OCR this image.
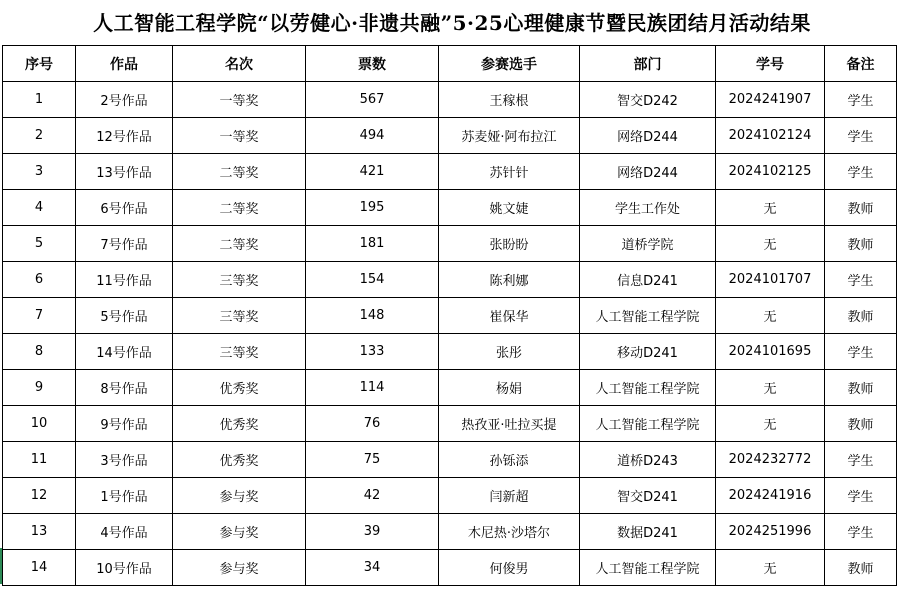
人工智能工程学院“以劳健心·非遗共融”5·25心理健康节暨民族团结月活动结果
序号	作品	名次	票数	参赛选手	部门	学号	备注
1	2号作品	一等奖	567	王稼根	智交D242	2024241907	学生
2	12号作品	一等奖	494	苏麦娅·阿布拉江	网络D244	2024102124	学生
3	13号作品	二等奖	421	苏针针	网络D244	2024102125	学生
4	6号作品	二等奖	195	姚文婕	学生工作处	无	教师
5	7号作品	二等奖	181	张盼盼	道桥学院	无	教师
6	11号作品	三等奖	154	陈利娜	信息D241	2024101707	学生
7	5号作品	三等奖	148	崔保华	人工智能工程学院	无	教师
8	14号作品	三等奖	133	张彤	移动D241	2024101695	学生
9	8号作品	优秀奖	114	杨娟	人工智能工程学院	无	教师
10	9号作品	优秀奖	76	热孜亚·吐拉买提	人工智能工程学院	无	教师
11	3号作品	优秀奖	75	孙铄添	道桥D243	2024232772	学生
12	1号作品	参与奖	42	闫新超	智交D241	2024241916	学生
13	4号作品	参与奖	39	木尼热·沙塔尔	数据D241	2024251996	学生
14	10号作品	参与奖	34	何俊男	人工智能工程学院	无	教师
